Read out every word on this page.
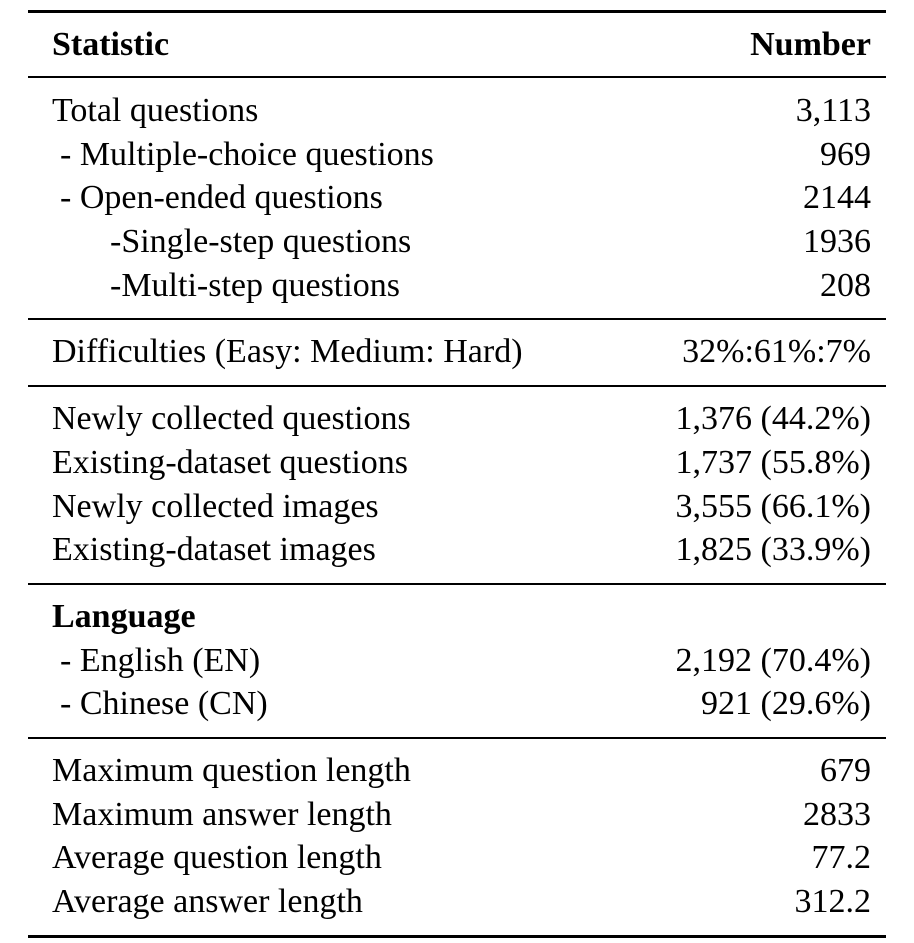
Statistic	Number
Total questions	3,113
- Multiple-choice questions	969
- Open-ended questions	2144
-Single-step questions	1936
-Multi-step questions	208
Difficulties (Easy: Medium: Hard)	32%:61%:7%
Newly collected questions	1,376 (44.2%)
Existing-dataset questions	1,737 (55.8%)
Newly collected images	3,555 (66.1%)
Existing-dataset images	1,825 (33.9%)
Language
- English (EN)	2,192 (70.4%)
- Chinese (CN)	921 (29.6%)
Maximum question length	679
Maximum answer length	2833
Average question length	77.2
Average answer length	312.2
